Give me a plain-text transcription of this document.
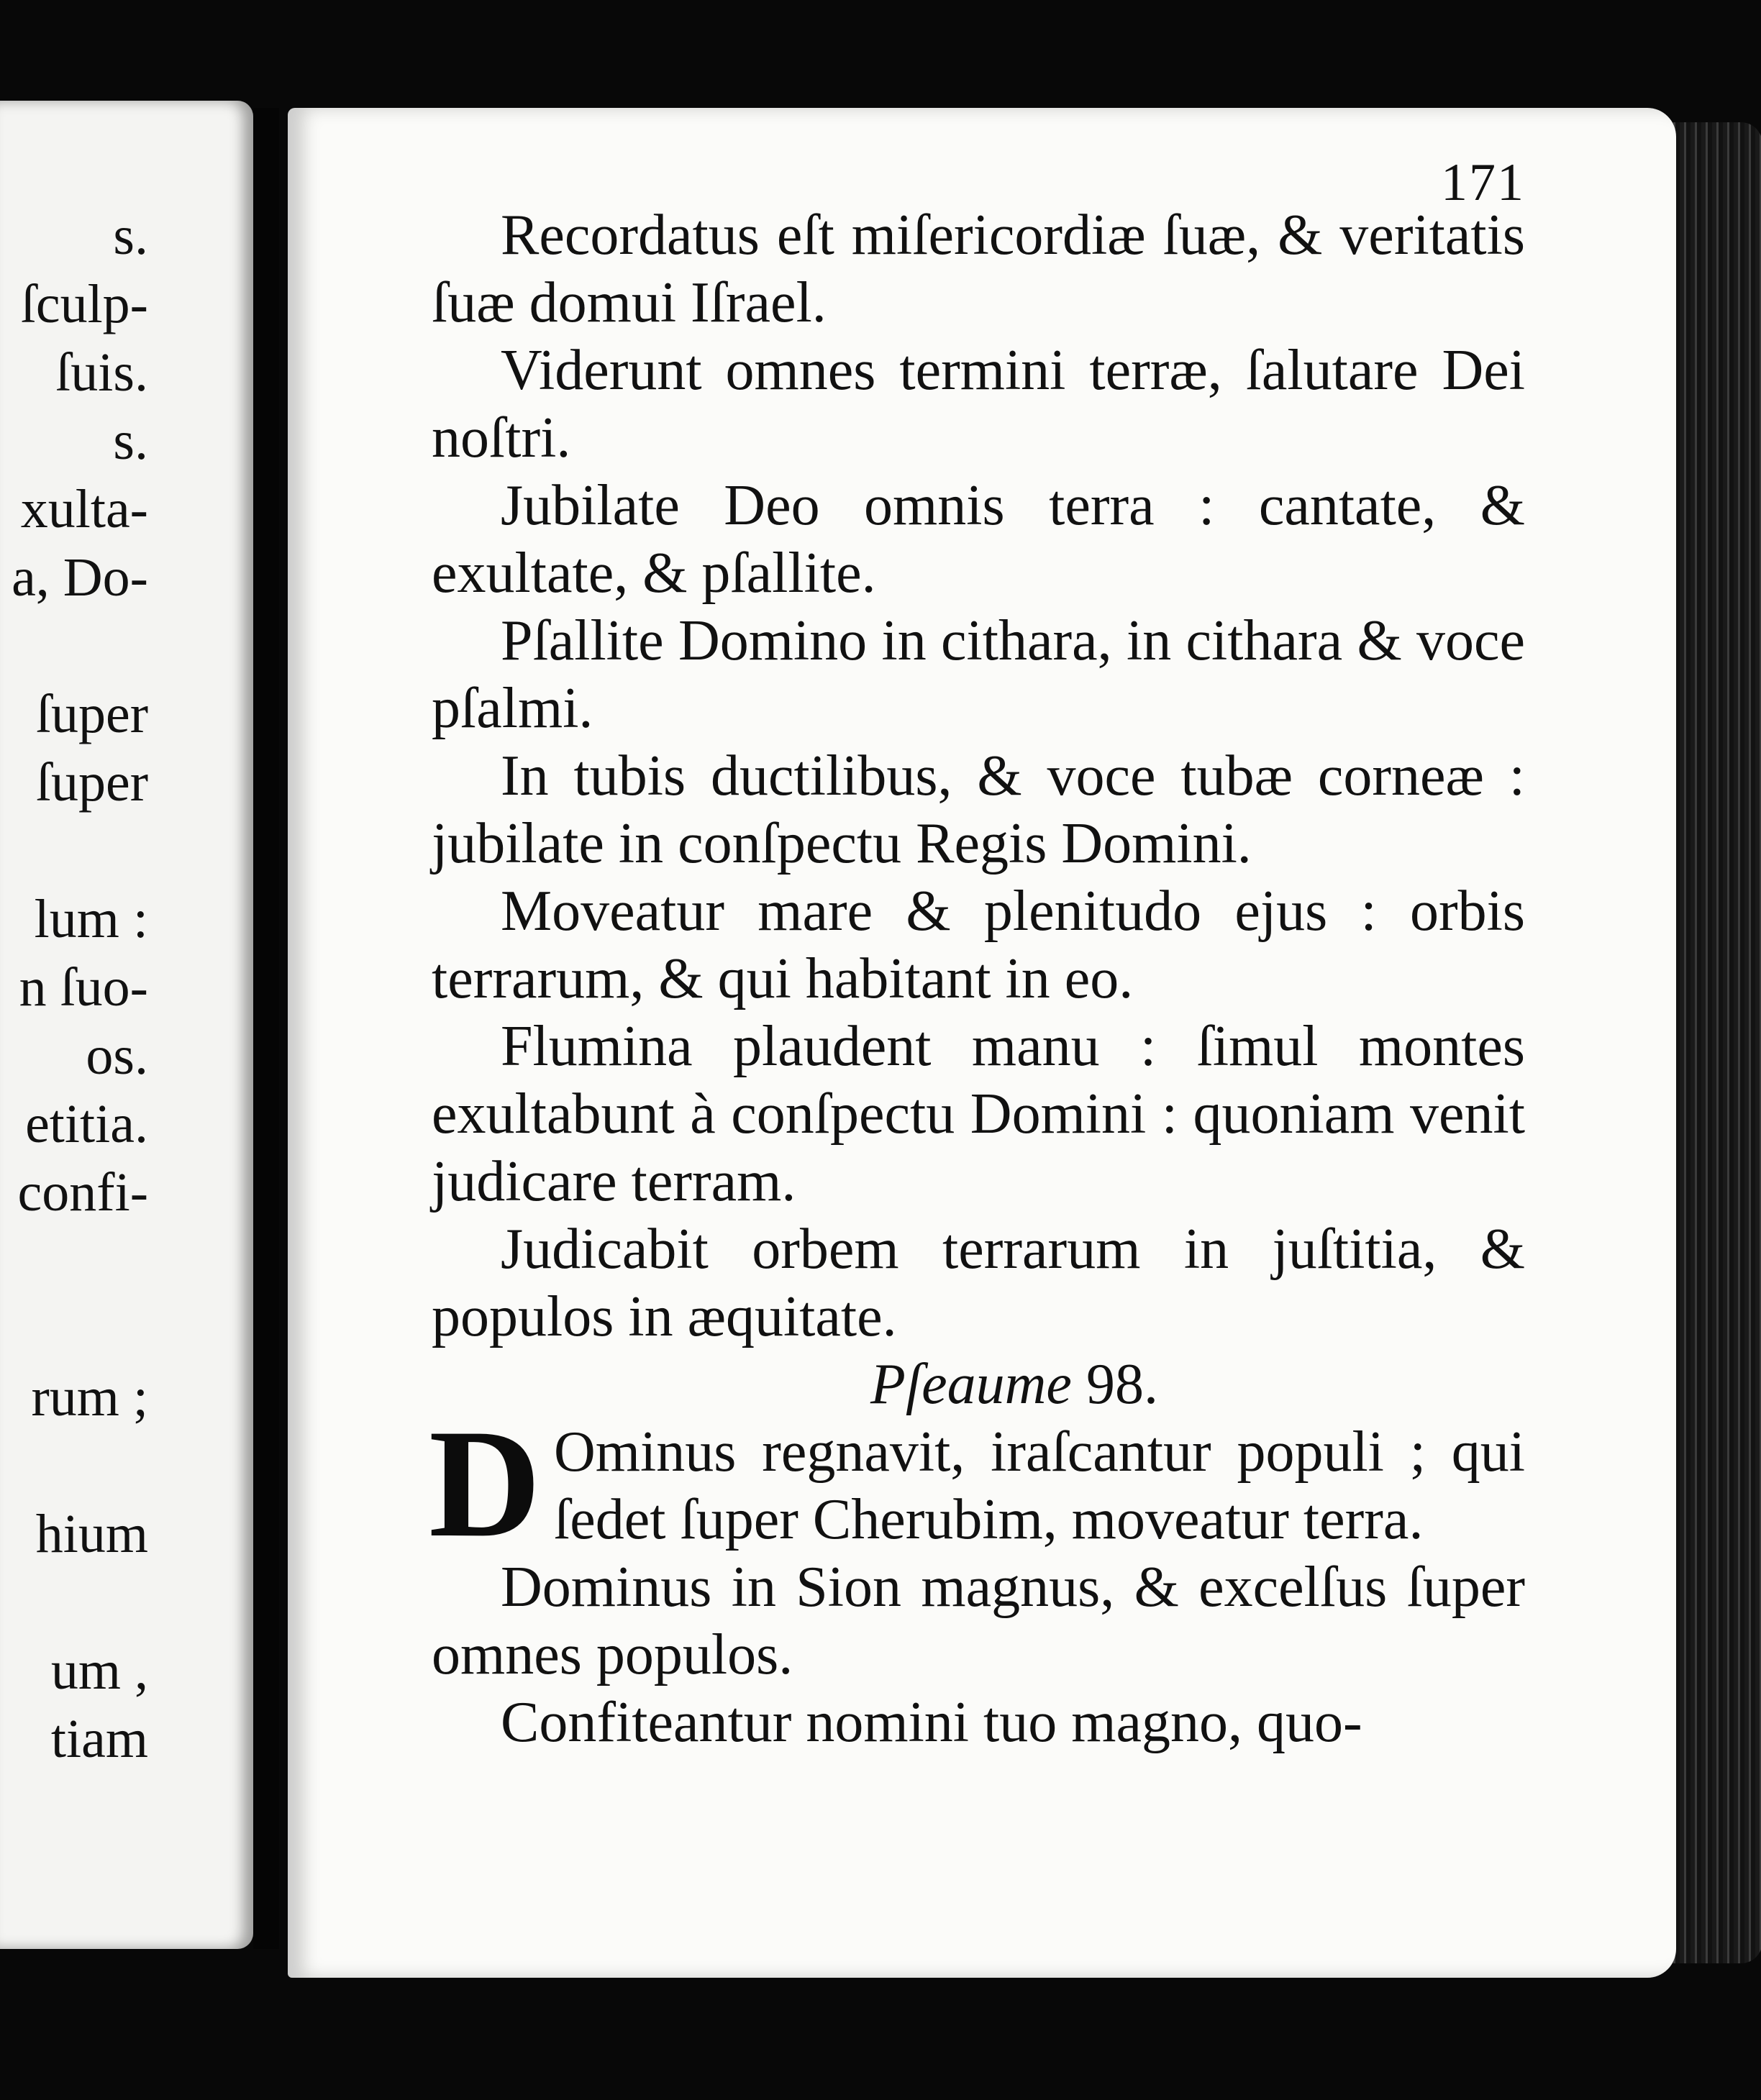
s.
ſculp-
ſuis.
s.
xulta-
a, Do-
ſuper
ſuper
lum :
n ſuo-
os.
etitia.
confi-
rum ;
hium
um ,
tiam
171

Recordatus eſt miſericordiæ ſuæ, & veritatis ſuæ domui Iſrael.

Viderunt omnes termini terræ, ſalutare Dei noſtri.

Jubilate Deo omnis terra : cantate, & exultate, & pſallite.

Pſallite Domino in cithara, in cithara & voce pſalmi.

In tubis ductilibus, & voce tubæ corneæ : jubilate in conſpectu Regis Domini.

Moveatur mare & plenitudo ejus : orbis terrarum, & qui habitant in eo.

Flumina plaudent manu : ſimul montes exultabunt à conſpectu Domini : quoniam venit judicare terram.

Judicabit orbem terrarum in juſtitia, & populos in æquitate.

Pſeaume 98.

D Ominus regnavit, iraſcantur populi ; qui ſedet ſuper Cherubim, moveatur terra.

Dominus in Sion magnus, & excelſus ſuper omnes populos.

Confiteantur nomini tuo magno, quo-
